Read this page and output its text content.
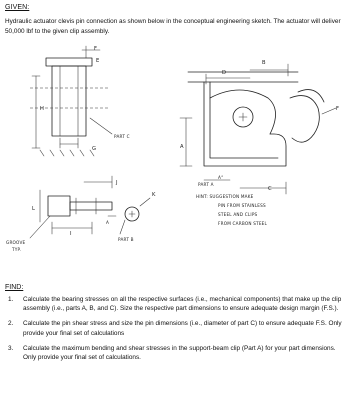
GIVEN:
Hydraulic actuator clevis pin connection as shown below in the conceptual engineering sketch. The actuator will deliver 50,000 lbf to the given clip assembly.
F
E
H
PART C
G
J
K
L
I
A
PART B
GROOVE
TYP.
B
D
F
A
A°
C
PART A
HINT: SUGGESTION MAKE
PIN FROM STAINLESS
STEEL AND CLIPS
FROM CARBON STEEL
FIND:
1. Calculate the bearing stresses on all the respective surfaces (i.e., mechanical components) that make up the clip assembly (i.e., parts A, B, and C). Size the respective part dimensions to ensure adequate design margin (F.S.).
2. Calculate the pin shear stress and size the pin dimensions (i.e., diameter of part C) to ensure adequate F.S. Only provide your final set of calculations
3. Calculate the maximum bending and shear stresses in the support-beam clip (Part A) for your part dimensions. Only provide your final set of calculations.
